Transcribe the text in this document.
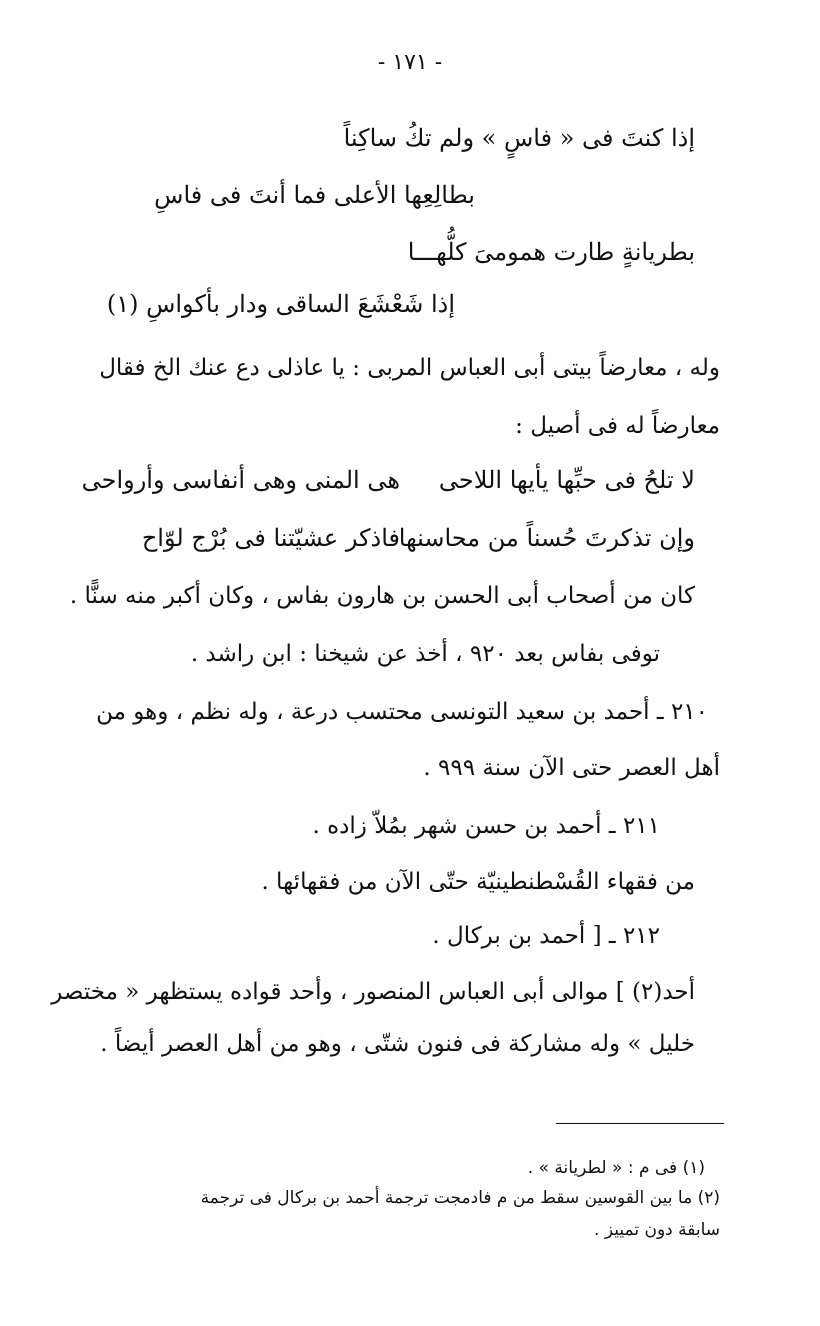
- ١٧١ -
إذا كنتَ فى « فاسٍ » ولم تكُ ساكِناً
بطالِعِها الأعلى فما أنتَ فى فاسِ
بطريانةٍ طارت همومىَ كلُّهـــا
إذا شَعْشَعَ الساقى ودار بأكواسِ (١)
وله ، معارضاً بيتى أبى العباس المربى : يا عاذلى دع عنك الخ فقال
معارضاً له فى أصيل :
لا تلحُ فى حبِّها يأيها اللاحى
هى المنى وهى أنفاسى وأرواحى
وإن تذكرتَ حُسناً من محاسنها
فاذكر عشيّتنا فى بُرْج لوّاح
كان من أصحاب أبى الحسن بن هارون بفاس ، وكان أكبر منه سنًّا .
توفى بفاس بعد ٩٢٠ ، أخذ عن شيخنا : ابن راشد .
٢١٠ ـ أحمد بن سعيد التونسى محتسب درعة ، وله نظم ، وهو من
أهل العصر حتى الآن سنة ٩٩٩ .
٢١١ ـ أحمد بن حسن شهر بمُلاّ زاده .
من فقهاء القُسْطنطينيّة حتّى الآن من فقهائها .
٢١٢ ـ [ أحمد بن بركال .
أحد(٢) ] موالى أبى العباس المنصور ، وأحد قواده يستظهر « مختصر
خليل » وله مشاركة فى فنون شتّى ، وهو من أهل العصر أيضاً .
(١) فى م : « لطريانة » .
(٢) ما بين القوسين سقط من م فادمجت ترجمة أحمد بن بركال فى ترجمة
سابقة دون تمييز .
